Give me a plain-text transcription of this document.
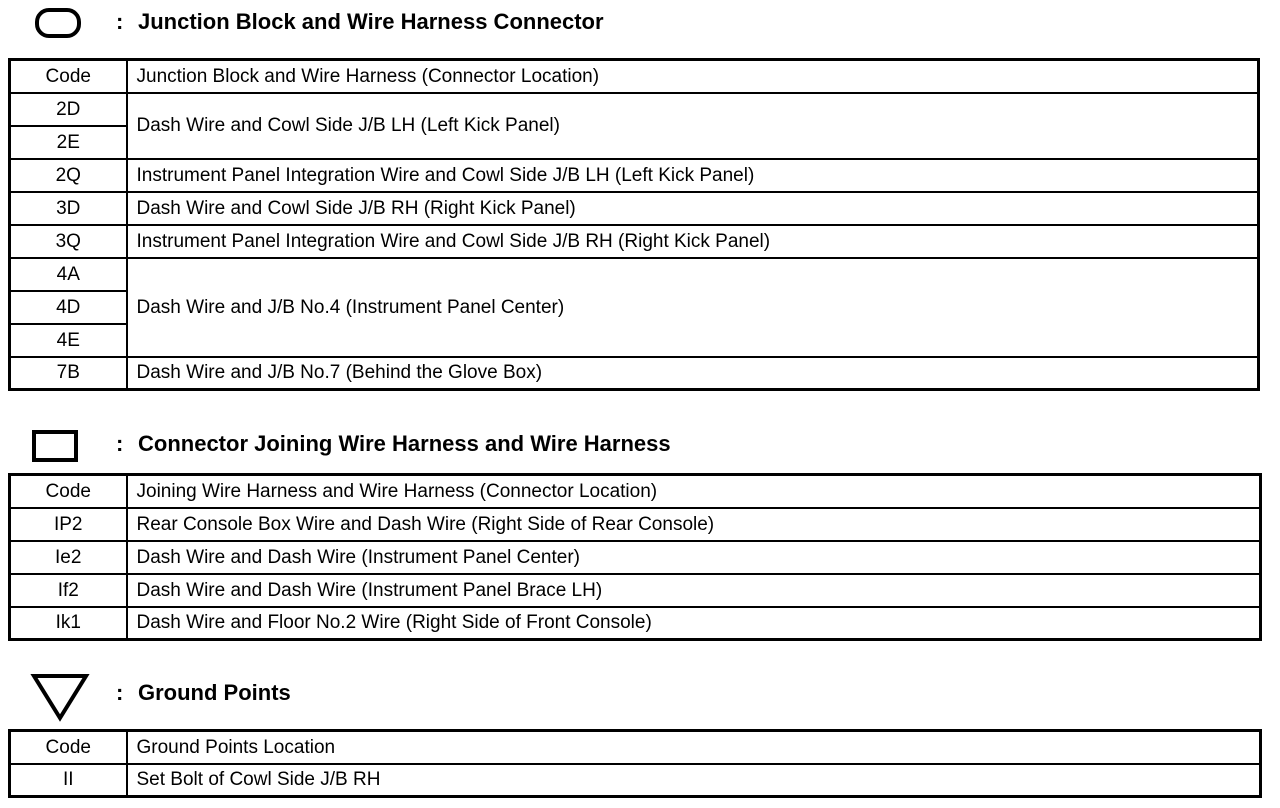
: Junction Block and Wire Harness Connector
Code	Junction Block and Wire Harness (Connector Location)
2D	Dash Wire and Cowl Side J/B LH (Left Kick Panel)
2E	
2Q	Instrument Panel Integration Wire and Cowl Side J/B LH (Left Kick Panel)
3D	Dash Wire and Cowl Side J/B RH (Right Kick Panel)
3Q	Instrument Panel Integration Wire and Cowl Side J/B RH (Right Kick Panel)
4A	Dash Wire and J/B No.4 (Instrument Panel Center)
4D	
4E	
7B	Dash Wire and J/B No.7 (Behind the Glove Box)
: Connector Joining Wire Harness and Wire Harness
Code	Joining Wire Harness and Wire Harness (Connector Location)
IP2	Rear Console Box Wire and Dash Wire (Right Side of Rear Console)
Ie2	Dash Wire and Dash Wire (Instrument Panel Center)
If2	Dash Wire and Dash Wire (Instrument Panel Brace LH)
Ik1	Dash Wire and Floor No.2 Wire (Right Side of Front Console)
: Ground Points
Code	Ground Points Location
II	Set Bolt of Cowl Side J/B RH
